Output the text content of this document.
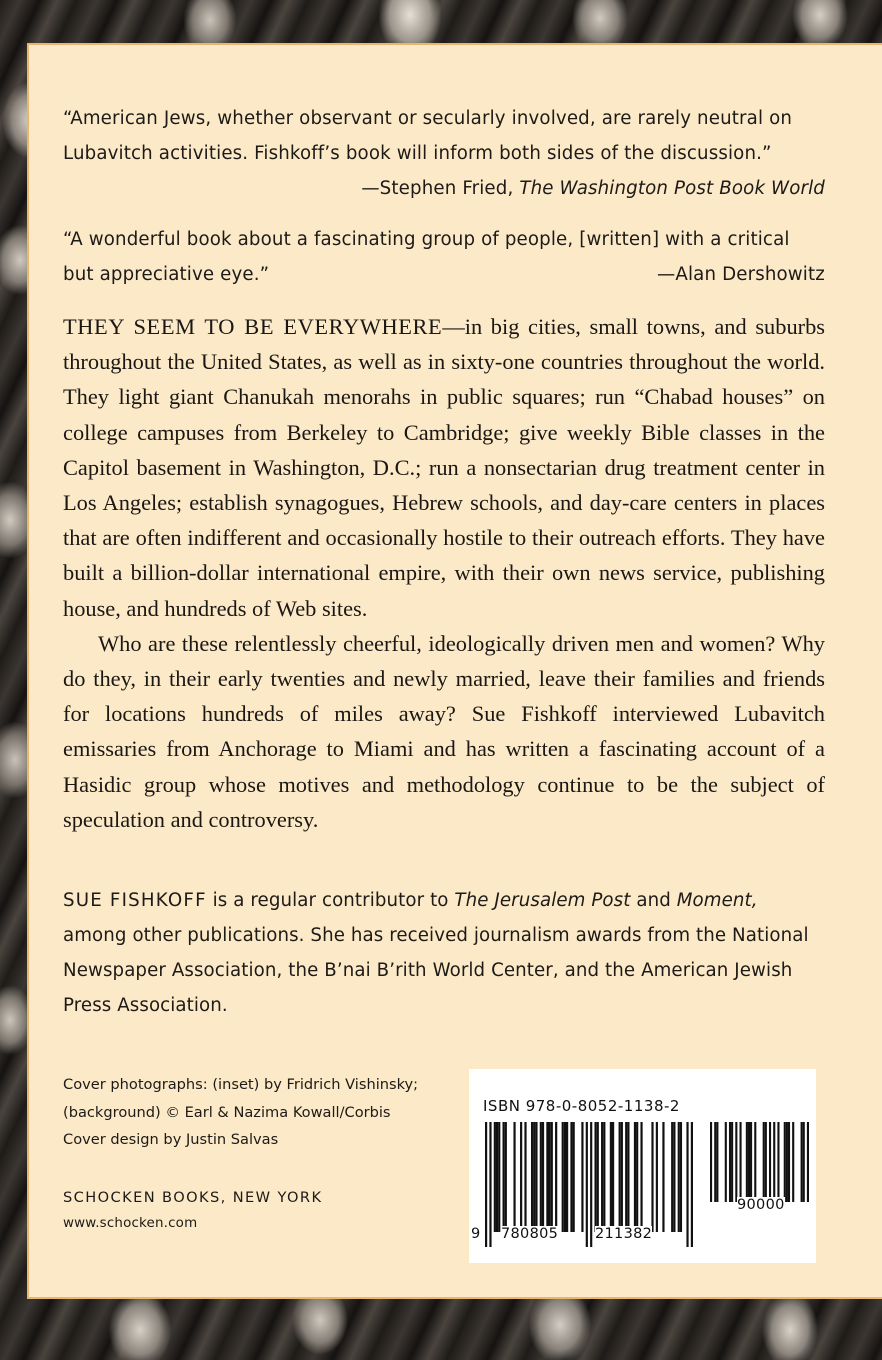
“American Jews, whether observant or secularly involved, are rarely neutral on Lubavitch activities. Fishkoff’s book will inform both sides of the discussion.”

—Stephen Fried, The Washington Post Book World

“A wonderful book about a fascinating group of people, [written] with a critical but appreciative eye.”	—Alan Dershowitz

THEY SEEM TO BE EVERYWHERE—in big cities, small towns, and suburbs throughout the United States, as well as in sixty-one countries throughout the world. They light giant Chanukah menorahs in public squares; run “Chabad houses” on college campuses from Berkeley to Cambridge; give weekly Bible classes in the Capitol basement in Washington, D.C.; run a nonsectarian drug treatment center in Los Angeles; establish synagogues, Hebrew schools, and day-care centers in places that are often indifferent and occasionally hostile to their outreach efforts. They have built a billion-dollar international empire, with their own news service, publishing house, and hundreds of Web sites.

Who are these relentlessly cheerful, ideologically driven men and women? Why do they, in their early twenties and newly married, leave their families and friends for locations hundreds of miles away? Sue Fishkoff interviewed Lubavitch emissaries from Anchorage to Miami and has written a fascinating account of a Hasidic group whose motives and methodology continue to be the subject of speculation and controversy.

SUE FISHKOFF is a regular contributor to The Jerusalem Post and Moment, among other publications. She has received journalism awards from the National Newspaper Association, the B’nai B’rith World Center, and the American Jewish Press Association.

Cover photographs: (inset) by Fridrich Vishinsky;
(background) © Earl & Nazima Kowall/Corbis
Cover design by Justin Salvas
SCHOCKEN BOOKS, NEW YORK
www.schocken.com
ISBN 978-0-8052-1138-2
9 780805	211382
90000
